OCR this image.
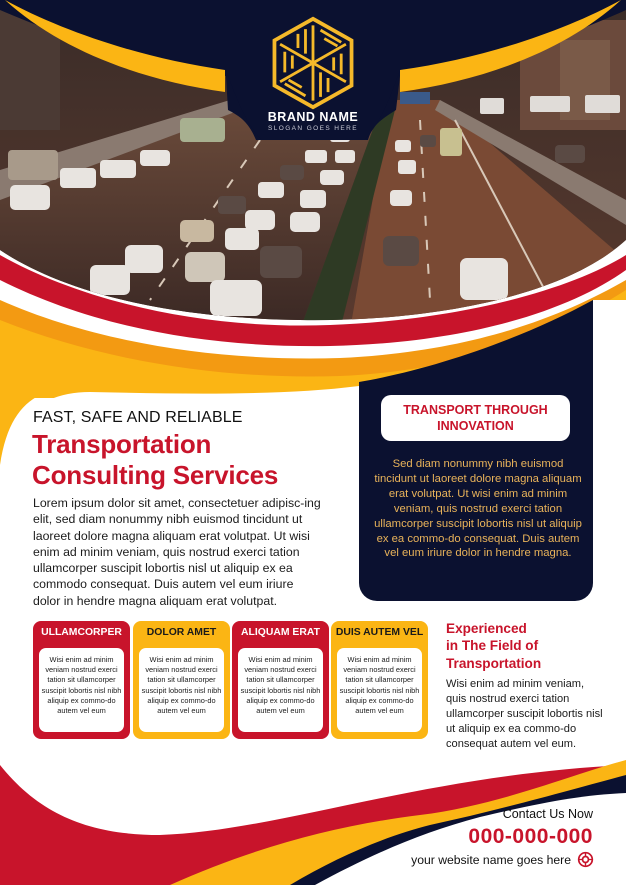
BRAND NAME
SLOGAN GOES HERE
FAST, SAFE AND RELIABLE
Transportation
Consulting Services
Lorem ipsum dolor sit amet, consectetuer adipisc-ing elit, sed diam nonummy nibh euismod tincidunt ut laoreet dolore magna aliquam erat volutpat. Ut wisi enim ad minim veniam, quis nostrud exerci tation ullamcorper suscipit lobortis nisl ut aliquip ex ea commodo consequat. Duis autem vel eum iriure dolor in hendre magna aliquam erat volutpat.
TRANSPORT THROUGH
INNOVATION
Sed diam nonummy nibh euismod tincidunt ut laoreet dolore magna aliquam erat volutpat. Ut wisi enim ad minim veniam, quis nostrud exerci tation ullamcorper suscipit lobortis nisl ut aliquip ex ea commo-do consequat. Duis autem vel eum iriure dolor in hendre magna.
ULLAMCORPER
Wisi enim ad minim veniam nostrud exerci tation sit ullamcorper suscipit lobortis nisl nibh aliquip ex commo-do autem vel eum
DOLOR AMET
Wisi enim ad minim veniam nostrud exerci tation sit ullamcorper suscipit lobortis nisl nibh aliquip ex commo-do autem vel eum
ALIQUAM ERAT
Wisi enim ad minim veniam nostrud exerci tation sit ullamcorper suscipit lobortis nisl nibh aliquip ex commo-do autem vel eum
DUIS AUTEM VEL
Wisi enim ad minim veniam nostrud exerci tation sit ullamcorper suscipit lobortis nisl nibh aliquip ex commo-do autem vel eum
Experienced
in The Field of
Transportation
Wisi enim ad minim veniam, quis nostrud exerci tation ullamcorper suscipit lobortis nisl ut aliquip ex ea commo-do consequat autem vel eum.
Contact Us Now
000-000-000
your website name goes here
